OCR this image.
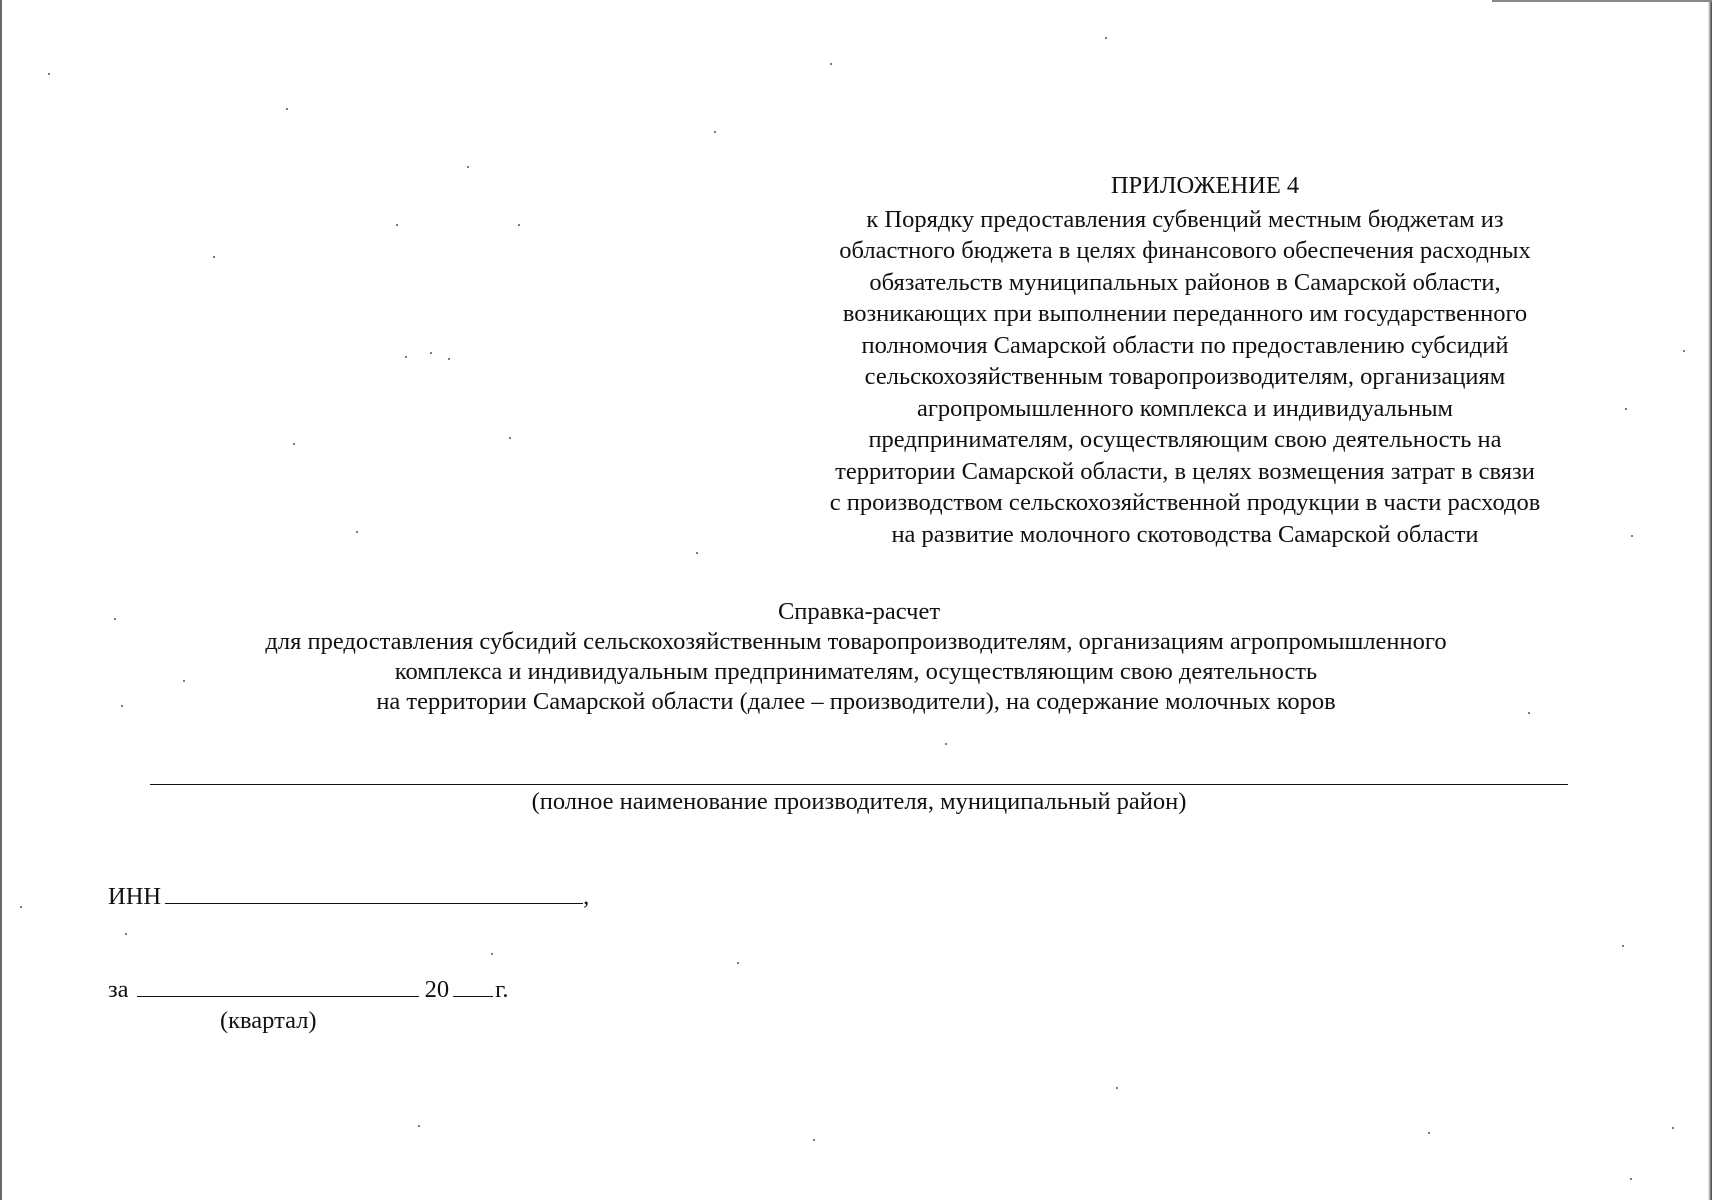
ПРИЛОЖЕНИЕ 4
к Порядку предоставления субвенций местным бюджетам из
областного бюджета в целях финансового обеспечения расходных
обязательств муниципальных районов в Самарской области,
возникающих при выполнении переданного им государственного
полномочия Самарской области по предоставлению субсидий
сельскохозяйственным товаропроизводителям, организациям
агропромышленного комплекса и индивидуальным
предпринимателям, осуществляющим свою деятельность на
территории Самарской области, в целях возмещения затрат в связи
с производством сельскохозяйственной продукции в части расходов
на развитие молочного скотоводства Самарской области
Справка-расчет
для предоставления субсидий сельскохозяйственным товаропроизводителям, организациям агропромышленного
комплекса и индивидуальным предпринимателям, осуществляющим свою деятельность
на территории Самарской области (далее – производители), на содержание молочных коров
(полное наименование производителя, муниципальный район)
ИНН	,
за	20 г.
(квартал)
